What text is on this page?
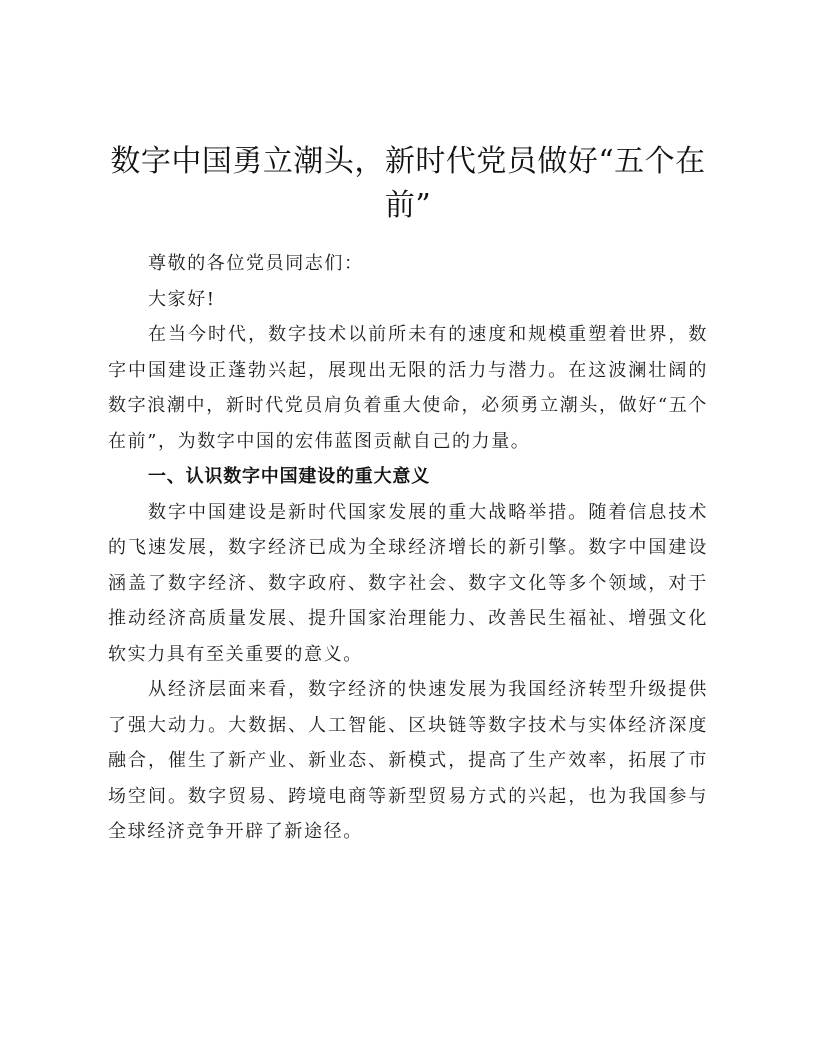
数字中国勇立潮头，新时代党员做好“五个在前”

尊敬的各位党员同志们：

大家好!

在当今时代，数字技术以前所未有的速度和规模重塑着世界，数字中国建设正蓬勃兴起，展现出无限的活力与潜力。在这波澜壮阔的数字浪潮中，新时代党员肩负着重大使命，必须勇立潮头，做好“五个在前”，为数字中国的宏伟蓝图贡献自己的力量。

一、认识数字中国建设的重大意义

数字中国建设是新时代国家发展的重大战略举措。随着信息技术的飞速发展，数字经济已成为全球经济增长的新引擎。数字中国建设涵盖了数字经济、数字政府、数字社会、数字文化等多个领域，对于推动经济高质量发展、提升国家治理能力、改善民生福祉、增强文化软实力具有至关重要的意义。

从经济层面来看，数字经济的快速发展为我国经济转型升级提供了强大动力。大数据、人工智能、区块链等数字技术与实体经济深度融合，催生了新产业、新业态、新模式，提高了生产效率，拓展了市场空间。数字贸易、跨境电商等新型贸易方式的兴起，也为我国参与全球经济竞争开辟了新途径。
